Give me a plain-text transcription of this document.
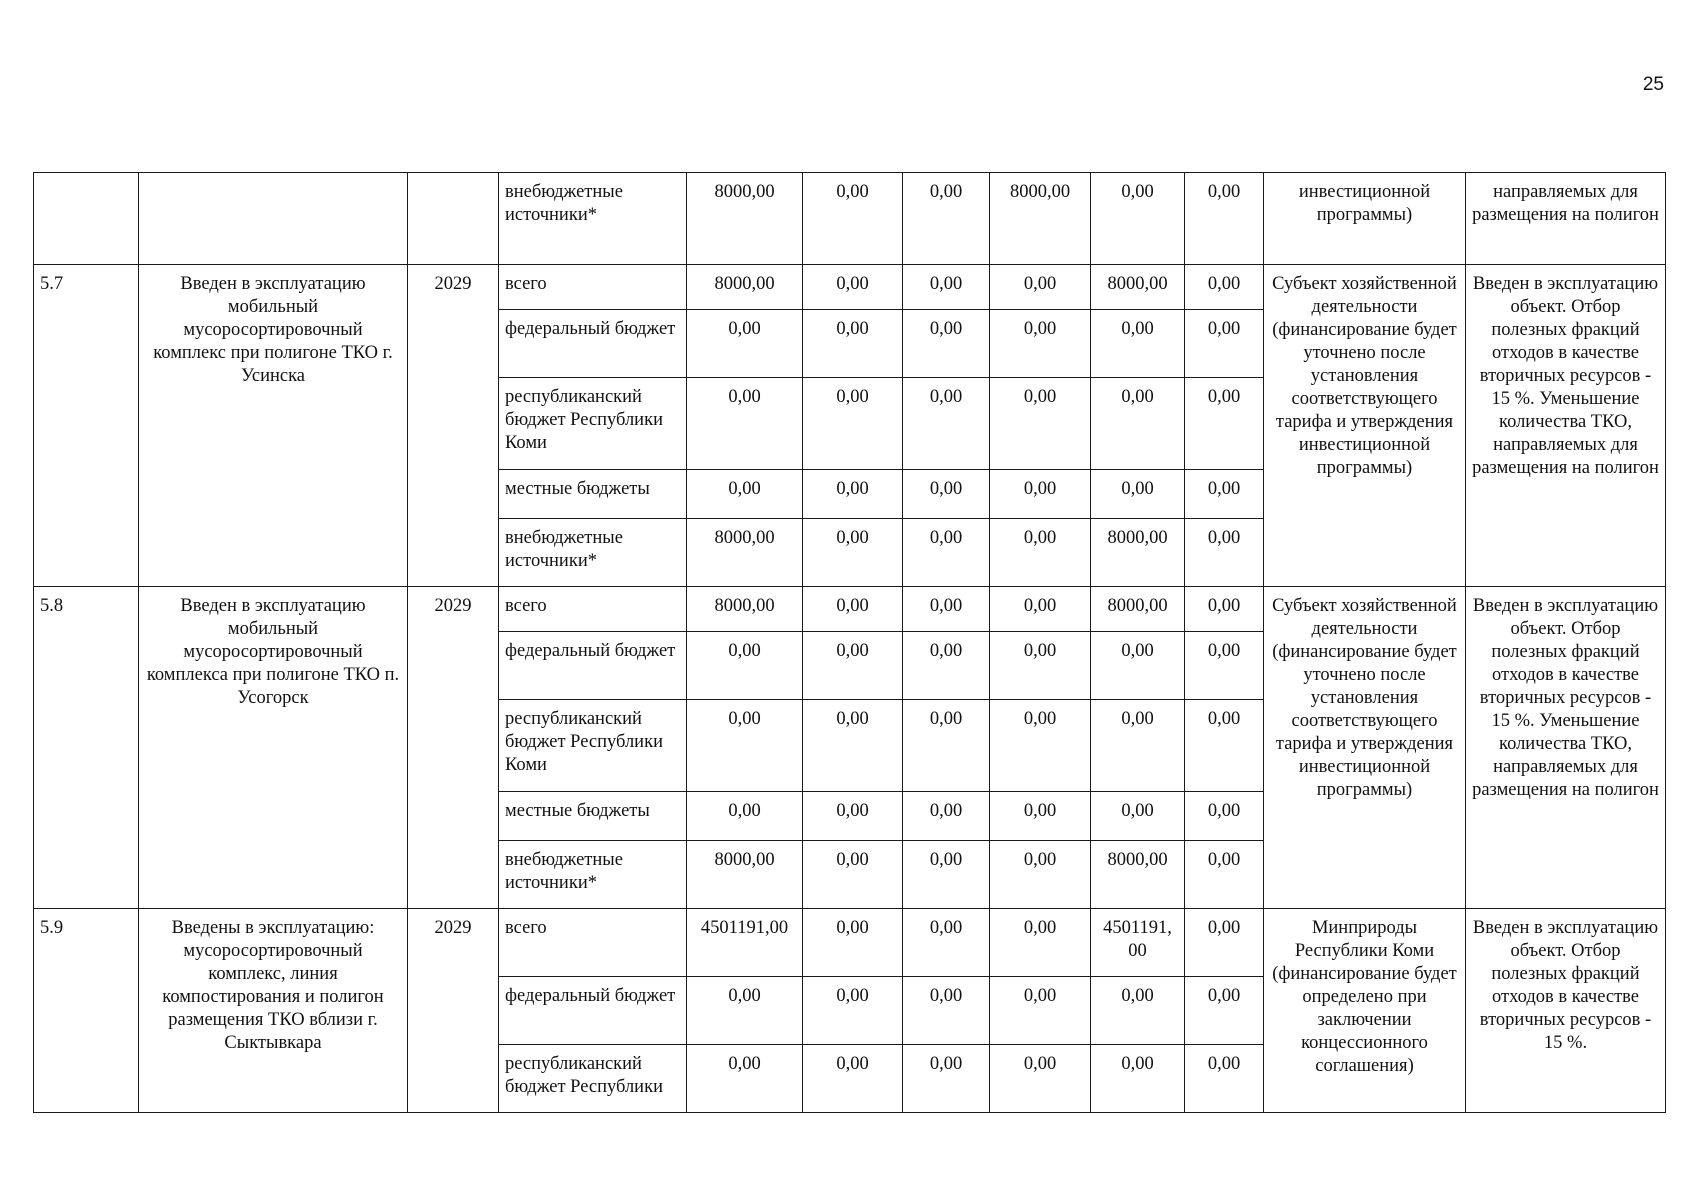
25
			внебюджетные источники*	8000,00	0,00	0,00	8000,00	0,00	0,00	инвестиционной программы)	направляемых для размещения на полигон
5.7	Введен в эксплуатацию мобильный мусоросортировочный комплекс при полигоне ТКО г. Усинска	2029	всего	8000,00	0,00	0,00	0,00	8000,00	0,00	Субъект хозяйственной деятельности (финансирование будет уточнено после установления соответствующего тарифа и утверждения инвестиционной программы)	Введен в эксплуатацию объект. Отбор полезных фракций отходов в качестве вторичных ресурсов - 15 %. Уменьшение количества ТКО, направляемых для размещения на полигон
			федеральный бюджет	0,00	0,00	0,00	0,00	0,00	0,00		
			республиканский бюджет Республики Коми	0,00	0,00	0,00	0,00	0,00	0,00		
			местные бюджеты	0,00	0,00	0,00	0,00	0,00	0,00		
			внебюджетные источники*	8000,00	0,00	0,00	0,00	8000,00	0,00		
5.8	Введен в эксплуатацию мобильный мусоросортировочный комплекса при полигоне ТКО п. Усогорск	2029	всего	8000,00	0,00	0,00	0,00	8000,00	0,00	Субъект хозяйственной деятельности (финансирование будет уточнено после установления соответствующего тарифа и утверждения инвестиционной программы)	Введен в эксплуатацию объект. Отбор полезных фракций отходов в качестве вторичных ресурсов - 15 %. Уменьшение количества ТКО, направляемых для размещения на полигон
			федеральный бюджет	0,00	0,00	0,00	0,00	0,00	0,00		
			республиканский бюджет Республики Коми	0,00	0,00	0,00	0,00	0,00	0,00		
			местные бюджеты	0,00	0,00	0,00	0,00	0,00	0,00		
			внебюджетные источники*	8000,00	0,00	0,00	0,00	8000,00	0,00		
5.9	Введены в эксплуатацию: мусоросортировочный комплекс, линия компостирования и полигон размещения ТКО вблизи г. Сыктывкара	2029	всего	4501191,00	0,00	0,00	0,00	4501191, 00	0,00	Минприроды Республики Коми (финансирование будет определено при заключении концессионного соглашения)	Введен в эксплуатацию объект. Отбор полезных фракций отходов в качестве вторичных ресурсов - 15 %.
			федеральный бюджет	0,00	0,00	0,00	0,00	0,00	0,00		
			республиканский бюджет Республики	0,00	0,00	0,00	0,00	0,00	0,00		
